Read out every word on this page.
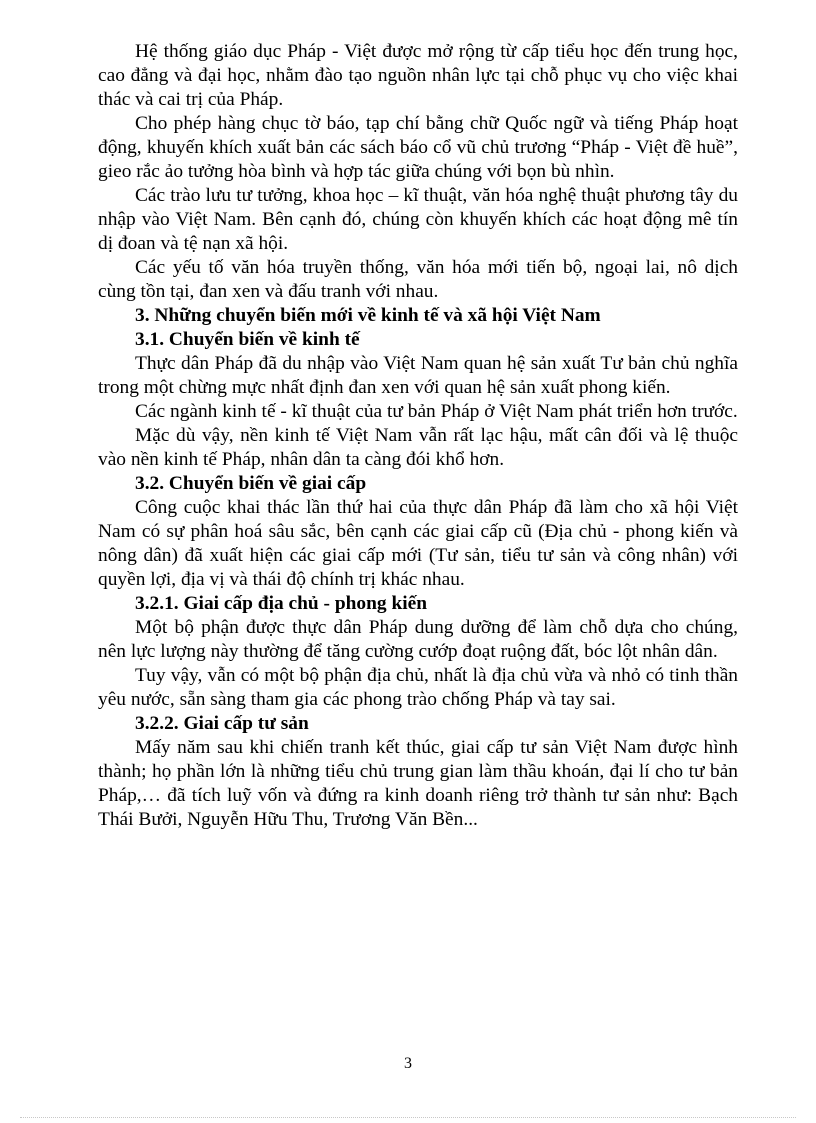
Hệ thống giáo dục Pháp - Việt được mở rộng từ cấp tiểu học đến trung học, cao đẳng và đại học, nhằm đào tạo nguồn nhân lực tại chỗ phục vụ cho việc khai thác và cai trị của Pháp.

Cho phép hàng chục tờ báo, tạp chí bằng chữ Quốc ngữ và tiếng Pháp hoạt động, khuyến khích xuất bản các sách báo cổ vũ chủ trương “Pháp - Việt đề huề”, gieo rắc ảo tưởng hòa bình và hợp tác giữa chúng với bọn bù nhìn.

Các trào lưu tư tưởng, khoa học – kĩ thuật, văn hóa nghệ thuật phương tây du nhập vào Việt Nam. Bên cạnh đó, chúng còn khuyến khích các hoạt động mê tín dị đoan và tệ nạn xã hội.

Các yếu tố văn hóa truyền thống, văn hóa mới tiến bộ, ngoại lai, nô dịch cùng tồn tại, đan xen và đấu tranh với nhau.

3. Những chuyển biến mới về kinh tế và xã hội Việt Nam

3.1. Chuyển biến về kinh tế

Thực dân Pháp đã du nhập vào Việt Nam quan hệ sản xuất Tư bản chủ nghĩa trong một chừng mực nhất định đan xen với quan hệ sản xuất phong kiến.

Các ngành kinh tế - kĩ thuật của tư bản Pháp ở Việt Nam phát triển hơn trước.

Mặc dù vậy, nền kinh tế Việt Nam vẫn rất lạc hậu, mất cân đối và lệ thuộc vào nền kinh tế Pháp, nhân dân ta càng đói khổ hơn.

3.2. Chuyển biến về giai cấp

Công cuộc khai thác lần thứ hai của thực dân Pháp đã làm cho xã hội Việt Nam có sự phân hoá sâu sắc, bên cạnh các giai cấp cũ (Địa chủ - phong kiến và nông dân) đã xuất hiện các giai cấp mới (Tư sản, tiểu tư sản và công nhân) với quyền lợi, địa vị và thái độ chính trị khác nhau.

3.2.1. Giai cấp địa chủ - phong kiến

Một bộ phận được thực dân Pháp dung dưỡng để làm chỗ dựa cho chúng, nên lực lượng này thường để tăng cường cướp đoạt ruộng đất, bóc lột nhân dân.

Tuy vậy, vẫn có một bộ phận địa chủ, nhất là địa chủ vừa và nhỏ có tinh thần yêu nước, sẵn sàng tham gia các phong trào chống Pháp và tay sai.

3.2.2. Giai cấp tư sản

Mấy năm sau khi chiến tranh kết thúc, giai cấp tư sản Việt Nam được hình thành; họ phần lớn là những tiểu chủ trung gian làm thầu khoán, đại lí cho tư bản Pháp,… đã tích luỹ vốn và đứng ra kinh doanh riêng trở thành tư sản như: Bạch Thái Bưởi, Nguyễn Hữu Thu, Trương Văn Bền...

3
